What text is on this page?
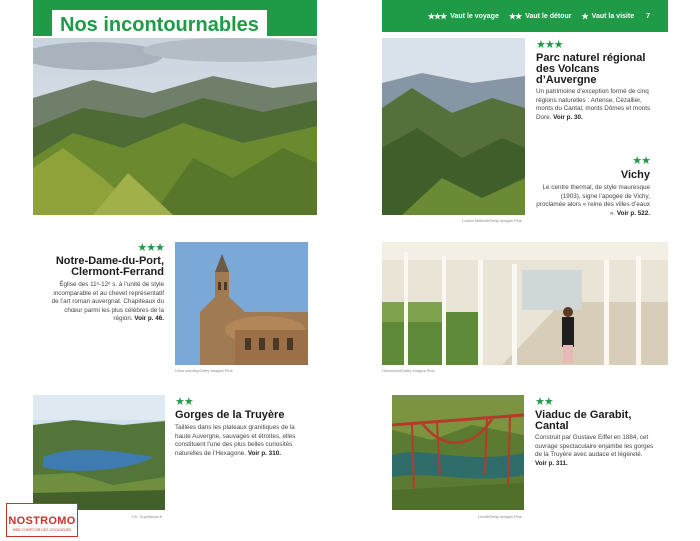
Nos incontournables	★★★ Vaut le voyage ★★ Vaut le détour ★ Vaut la visite 7
Lucien Mallard/Getty Images Plus
★★★
Parc naturel régional des Volcans d’Auvergne
Un patrimoine d’exception formé de cinq régions naturelles : Artense, Cézallier, monts du Cantal, monts Dômes et monts Dore. Voir p. 30.
★★
Vichy
Le centre thermal, de style mauresque (1903), signe l’apogée de Vichy, proclamée alors « reine des villes d’eaux ». Voir p. 522.
★★★
Notre-Dame-du-Port, Clermont-Ferrand
Église des 11ᵉ-12ᵉ s. à l’unité de style incomparable et au chevet représentatif de l’art roman auvergnat. Chapiteaux du chœur parmi les plus célèbres de la région. Voir p. 46.
Hoss aviodsy/Getty Images Plus	Hoossvest/Getty Images Plus
Ch. Guy/hemis.fr
★★
Gorges de la Truyère
Taillées dans les plateaux granitiques de la haute Auvergne, sauvages et étroites, elles constituent l’une des plus belles curiosités naturelles de l’Hexagone. Voir p. 310.
Lbmtf/Getty Images Plus
★★
Viaduc de Garabit, Cantal
Construit par Gustave Eiffel en 1884, cet ouvrage spectaculaire enjambe les gorges de la Truyère avec audace et légèreté. Voir p. 311.
NOSTROMO
WEB COMPTOIR DES VOYAGEURS
